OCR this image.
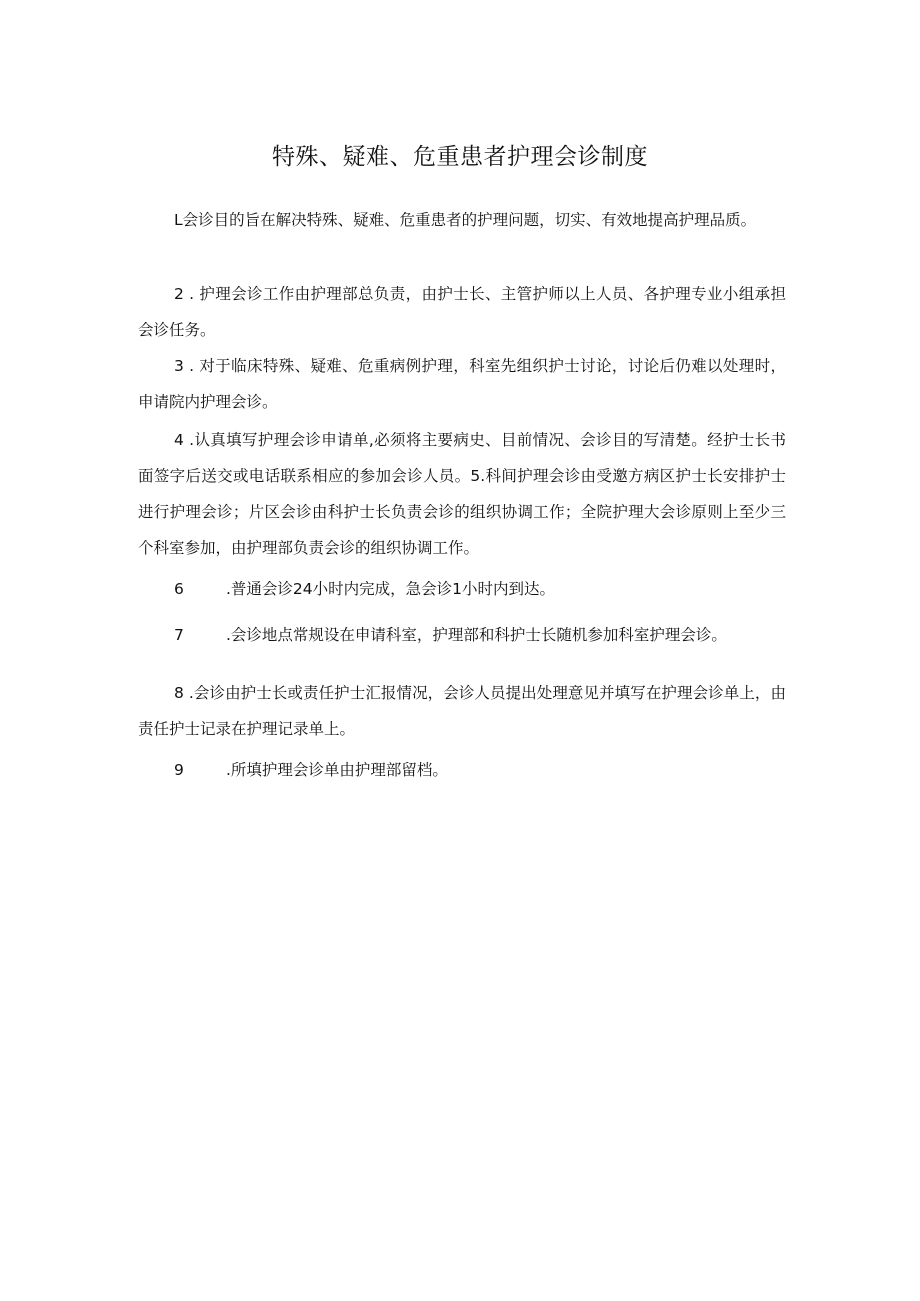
特殊、疑难、危重患者护理会诊制度
L会诊目的旨在解决特殊、疑难、危重患者的护理问题，切实、有效地提高护理品质。
2 . 护理会诊工作由护理部总负责，由护士长、主管护师以上人员、各护理专业小组承担会诊任务。
3 . 对于临床特殊、疑难、危重病例护理，科室先组织护士讨论，讨论后仍难以处理时，申请院内护理会诊。
4 .认真填写护理会诊申请单,必须将主要病史、目前情况、会诊目的写清楚。经护士长书面签字后送交或电话联系相应的参加会诊人员。5.科间护理会诊由受邀方病区护士长安排护士进行护理会诊；片区会诊由科护士长负责会诊的组织协调工作；全院护理大会诊原则上至少三个科室参加，由护理部负责会诊的组织协调工作。
6	.普通会诊24小时内完成，急会诊1小时内到达。
7	.会诊地点常规设在申请科室，护理部和科护士长随机参加科室护理会诊。
8 .会诊由护士长或责任护士汇报情况，会诊人员提出处理意见并填写在护理会诊单上，由责任护士记录在护理记录单上。
9	.所填护理会诊单由护理部留档。
